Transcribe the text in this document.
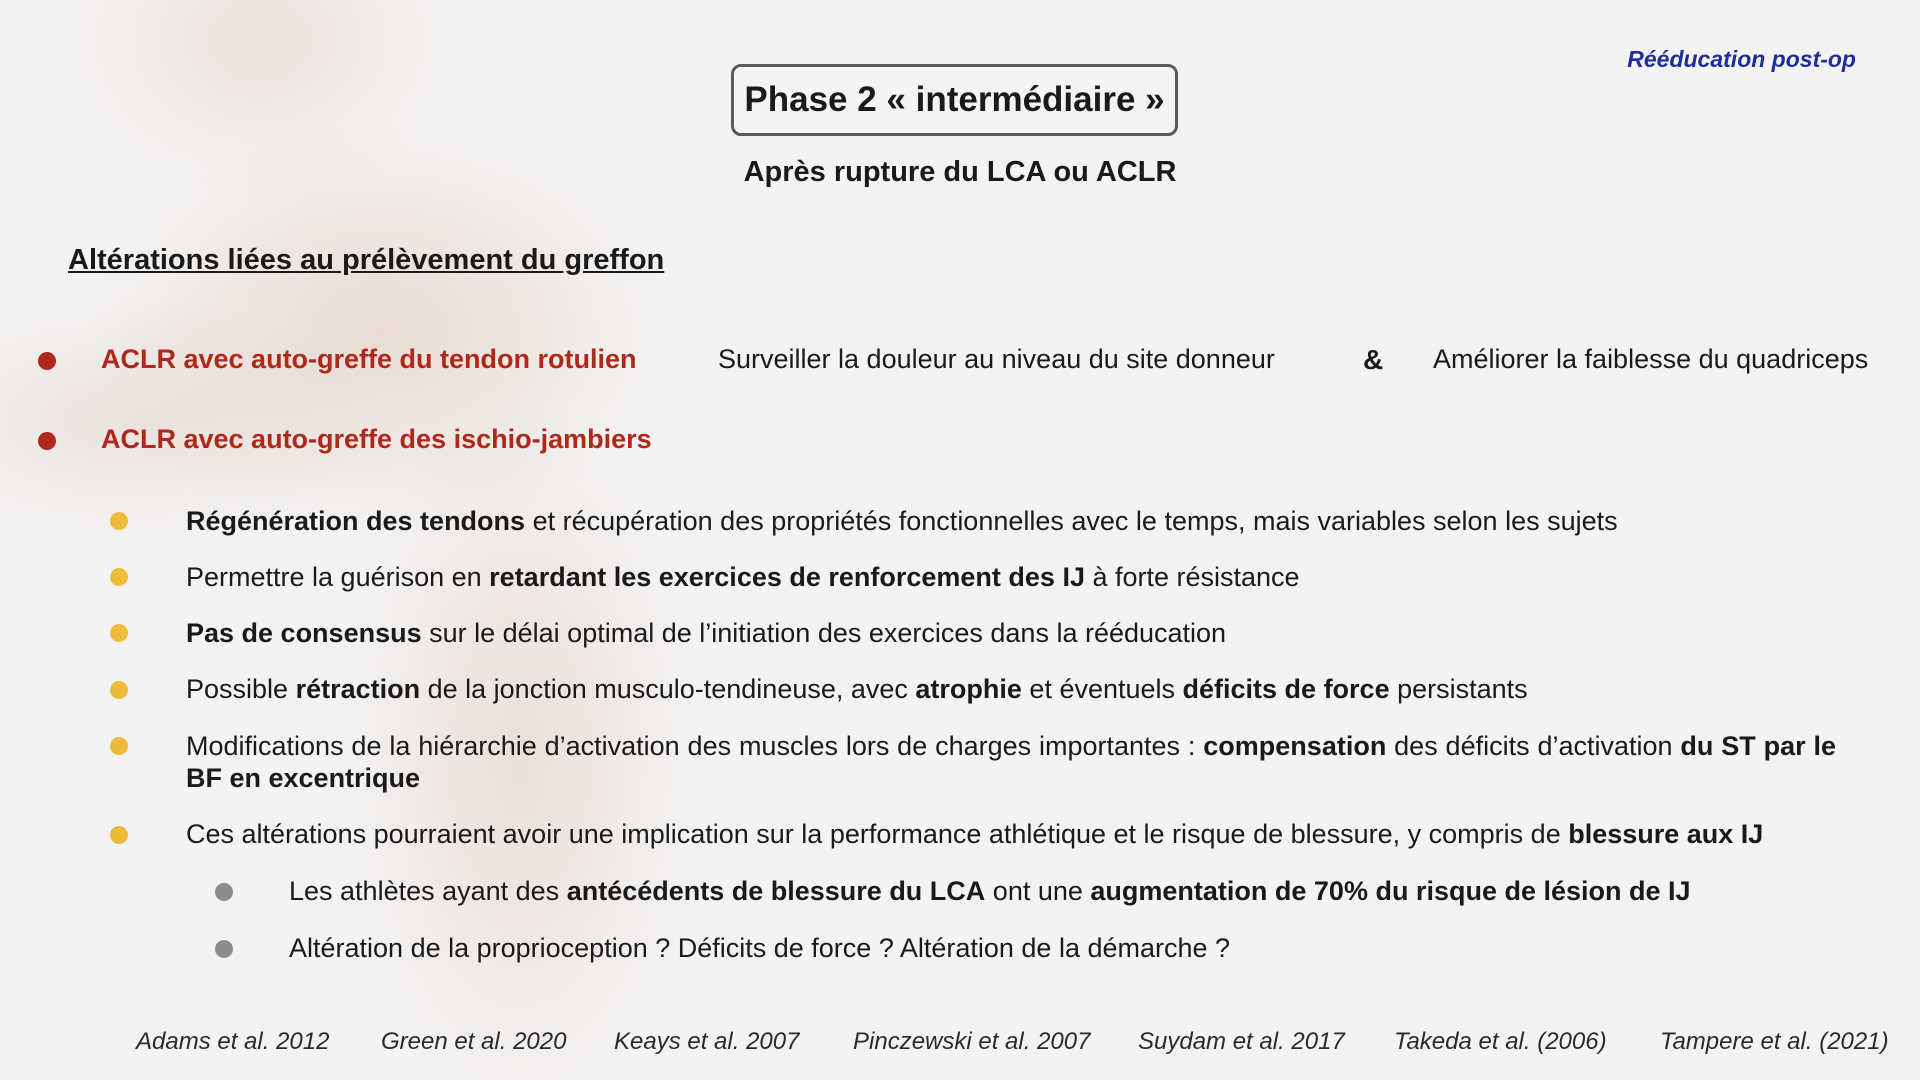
Rééducation post-op
Phase 2 « intermédiaire »
Après rupture du LCA ou ACLR
Altérations liées au prélèvement du greffon
ACLR avec auto-greffe du tendon rotulien	Surveiller la douleur au niveau du site donneur	& Améliorer la faiblesse du quadriceps
ACLR avec auto-greffe des ischio-jambiers
Régénération des tendons et récupération des propriétés fonctionnelles avec le temps, mais variables selon les sujets
Permettre la guérison en retardant les exercices de renforcement des IJ à forte résistance
Pas de consensus sur le délai optimal de l’initiation des exercices dans la rééducation
Possible rétraction de la jonction musculo-tendineuse, avec atrophie et éventuels déficits de force persistants
Modifications de la hiérarchie d’activation des muscles lors de charges importantes : compensation des déficits d’activation du ST par le BF en excentrique
Ces altérations pourraient avoir une implication sur la performance athlétique et le risque de blessure, y compris de blessure aux IJ
Les athlètes ayant des antécédents de blessure du LCA ont une augmentation de 70% du risque de lésion de IJ
Altération de la proprioception ? Déficits de force ? Altération de la démarche ?
Adams et al. 2012 Green et al. 2020 Keays et al. 2007 Pinczewski et al. 2007 Suydam et al. 2017 Takeda et al. (2006) Tampere et al. (2021)
